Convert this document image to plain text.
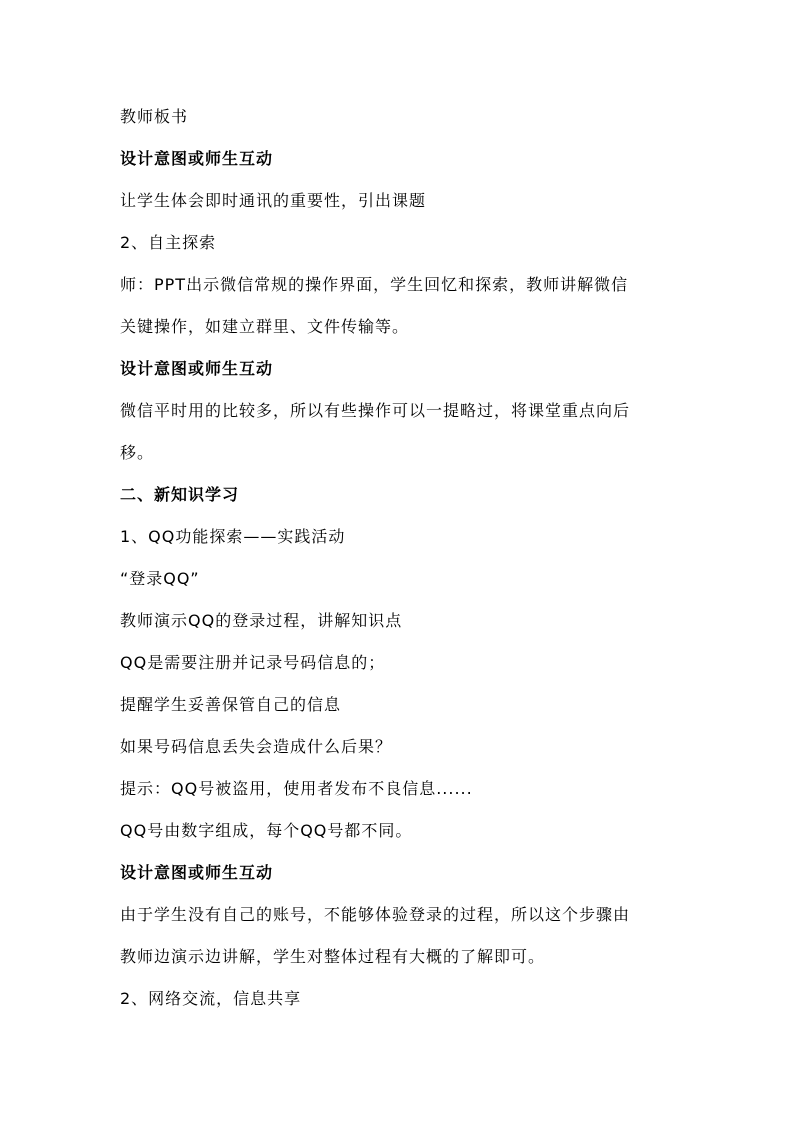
教师板书
设计意图或师生互动
让学生体会即时通讯的重要性，引出课题
2、自主探索
师：PPT出示微信常规的操作界面，学生回忆和探索，教师讲解微信
关键操作，如建立群里、文件传输等。
设计意图或师生互动
微信平时用的比较多，所以有些操作可以一提略过，将课堂重点向后
移。
二、新知识学习
1、QQ功能探索——实践活动
“登录QQ”
教师演示QQ的登录过程，讲解知识点
QQ是需要注册并记录号码信息的；
提醒学生妥善保管自己的信息
如果号码信息丢失会造成什么后果？
提示：QQ号被盗用，使用者发布不良信息......
QQ号由数字组成，每个QQ号都不同。
设计意图或师生互动
由于学生没有自己的账号，不能够体验登录的过程，所以这个步骤由
教师边演示边讲解，学生对整体过程有大概的了解即可。
2、网络交流，信息共享
